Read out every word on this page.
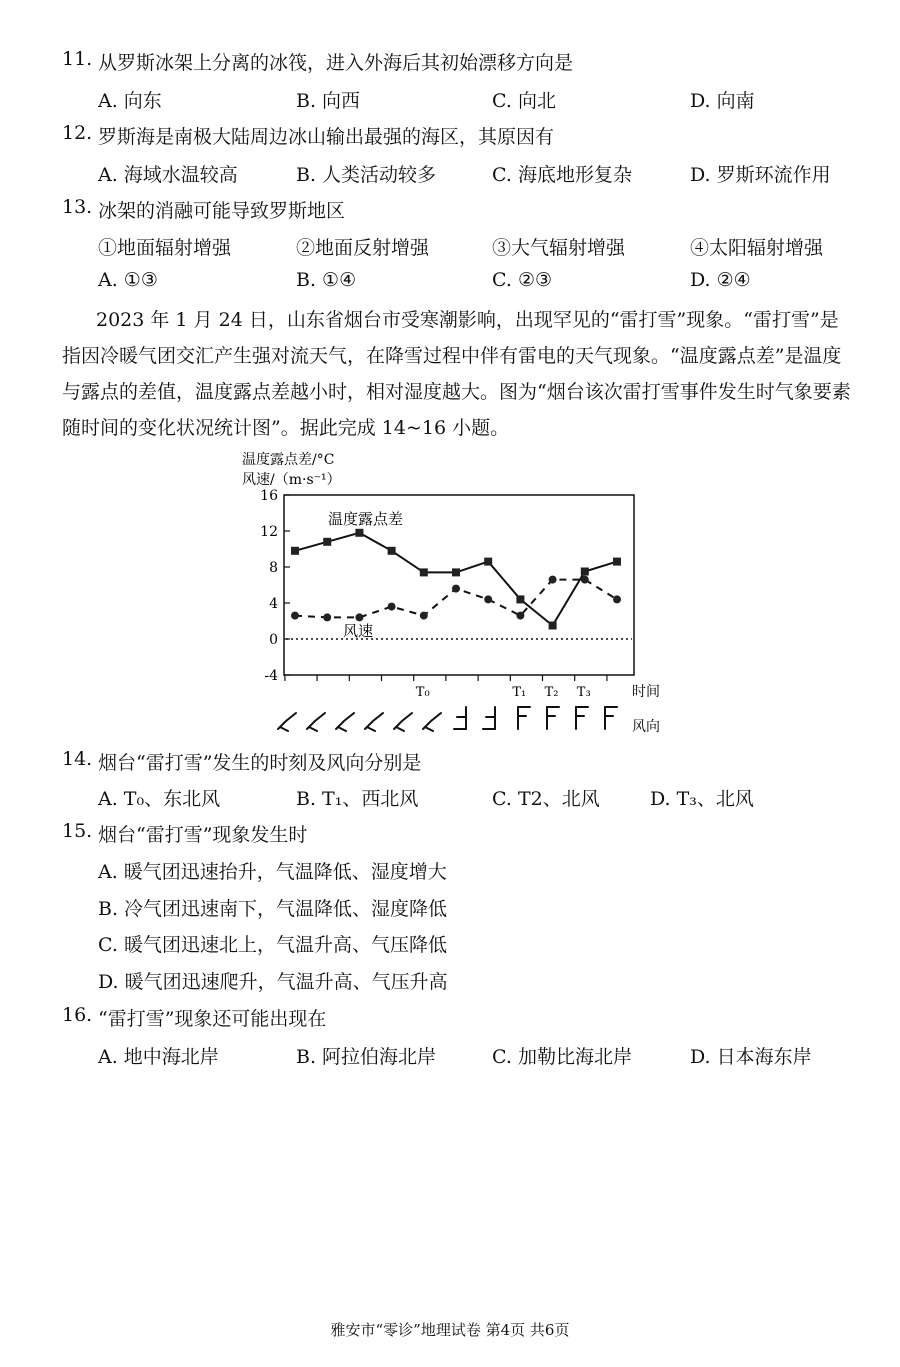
11. 从罗斯冰架上分离的冰筏，进入外海后其初始漂移方向是
A. 向东	B. 向西	C. 向北	D. 向南
12. 罗斯海是南极大陆周边冰山输出最强的海区，其原因有
A. 海域水温较高	B. 人类活动较多	C. 海底地形复杂	D. 罗斯环流作用
13. 冰架的消融可能导致罗斯地区
①地面辐射增强	②地面反射增强	③大气辐射增强	④太阳辐射增强
A. ①③	B. ①④	C. ②③	D. ②④
2023 年 1 月 24 日，山东省烟台市受寒潮影响，出现罕见的“雷打雪”现象。“雷打雪”是指因冷暖气团交汇产生强对流天气，在降雪过程中伴有雷电的天气现象。“温度露点差”是温度与露点的差值，温度露点差越小时，相对湿度越大。图为“烟台该次雷打雪事件发生时气象要素随时间的变化状况统计图”。据此完成 14~16 小题。
温度露点差/°C
风速/（m·s⁻¹）
16
12
8
4
0
-4
温度露点差
风速
T₀	T₁ T₂ T₃	时间
风向
14. 烟台“雷打雪”发生的时刻及风向分别是
A. T₀、东北风	B. T₁、西北风	C. T2、北风	D. T₃、北风
15. 烟台“雷打雪”现象发生时
A. 暖气团迅速抬升，气温降低、湿度增大
B. 冷气团迅速南下，气温降低、湿度降低
C. 暖气团迅速北上，气温升高、气压降低
D. 暖气团迅速爬升，气温升高、气压升高
16. “雷打雪”现象还可能出现在
A. 地中海北岸	B. 阿拉伯海北岸	C. 加勒比海北岸	D. 日本海东岸
雅安市“零诊”地理试卷 第4页 共6页
